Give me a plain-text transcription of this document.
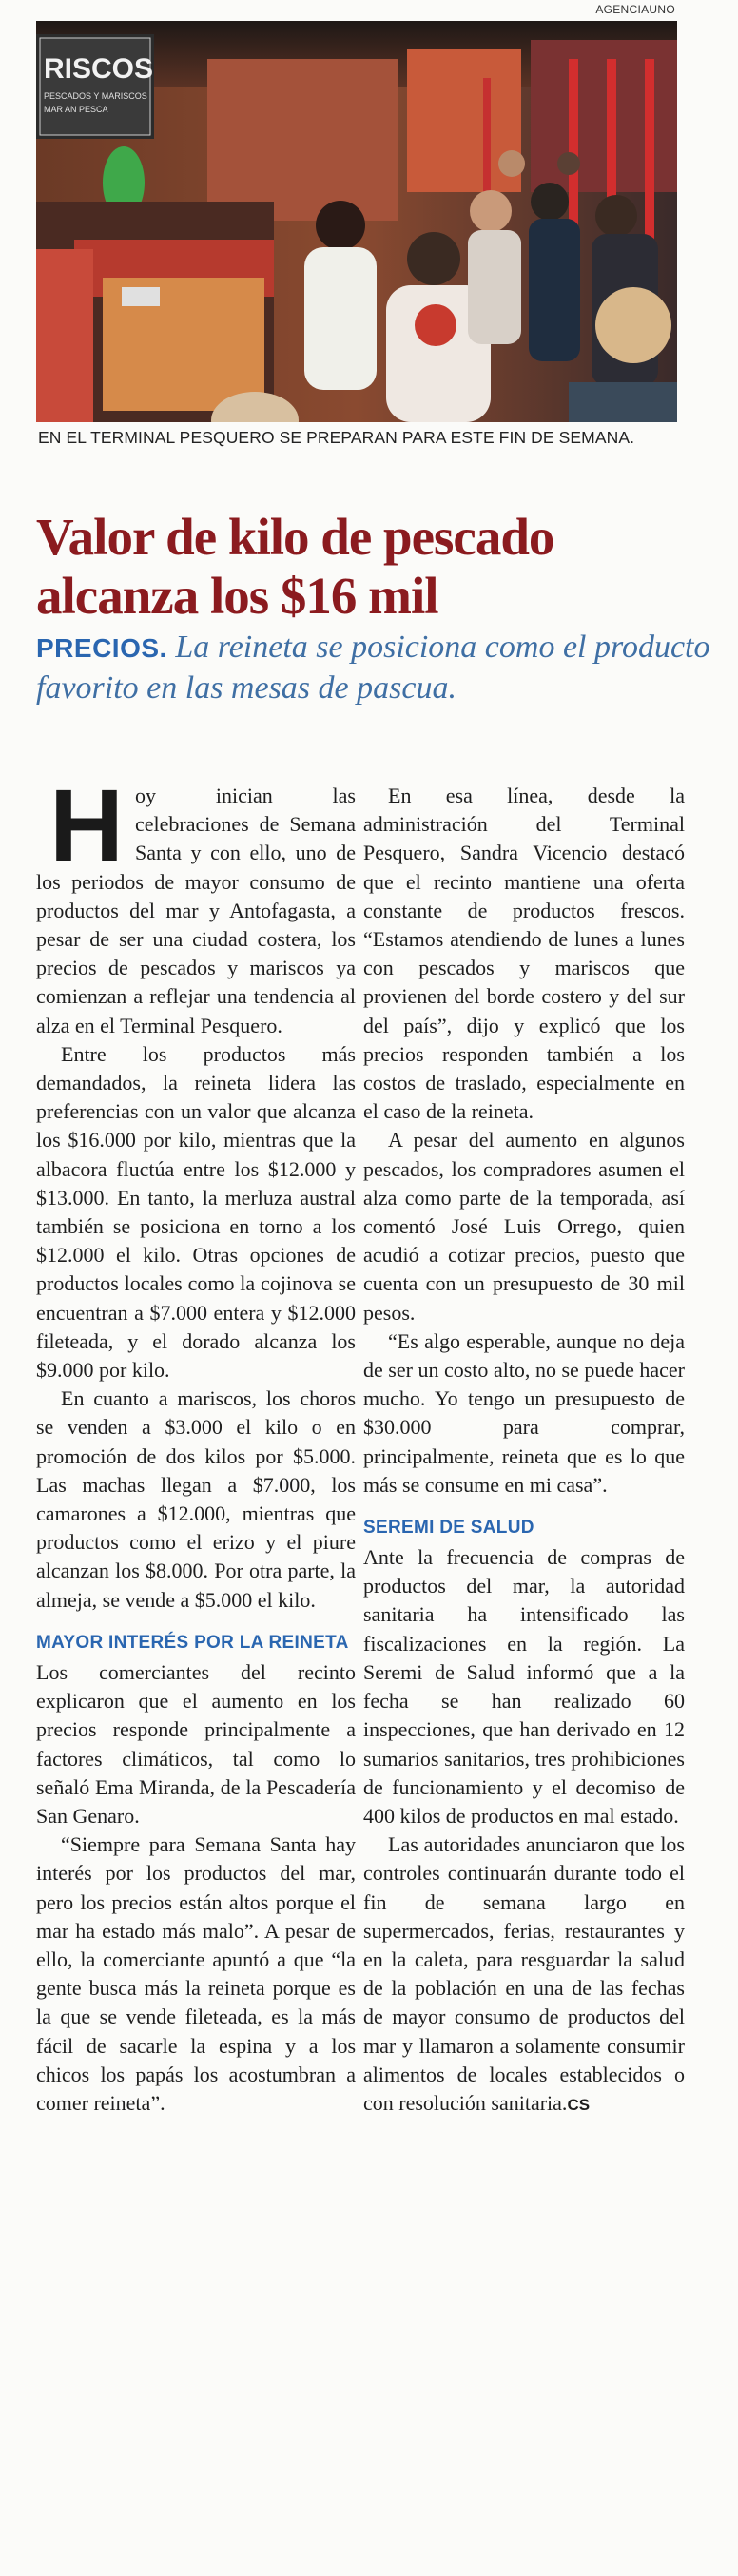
AGENCIAUNO
RISCOS
PESCADOS Y MARISCOS
MAR AN PESCA
EN EL TERMINAL PESQUERO SE PREPARAN PARA ESTE FIN DE SEMANA.
Valor de kilo de pescado alcanza los $16 mil
PRECIOS. La reineta se posiciona como el producto favorito en las mesas de pascua.

Hoy inician las celebraciones de Semana Santa y con ello, uno de los periodos de mayor consumo de productos del mar y Antofagasta, a pesar de ser una ciudad costera, los precios de pescados y mariscos ya comienzan a reflejar una tendencia al alza en el Terminal Pesquero.

Entre los productos más demandados, la reineta lidera las preferencias con un valor que alcanza los $16.000 por kilo, mientras que la albacora fluctúa entre los $12.000 y $13.000. En tanto, la merluza austral también se posiciona en torno a los $12.000 el kilo. Otras opciones de productos locales como la cojinova se encuentran a $7.000 entera y $12.000 fileteada, y el dorado alcanza los $9.000 por kilo.

En cuanto a mariscos, los choros se venden a $3.000 el kilo o en promoción de dos kilos por $5.000. Las machas llegan a $7.000, los camarones a $12.000, mientras que productos como el erizo y el piure alcanzan los $8.000. Por otra parte, la almeja, se vende a $5.000 el kilo.

MAYOR INTERÉS POR LA REINETA

Los comerciantes del recinto explicaron que el aumento en los precios responde principalmente a factores climáticos, tal como lo señaló Ema Miranda, de la Pescadería San Genaro.

“Siempre para Semana Santa hay interés por los productos del mar, pero los precios están altos porque el mar ha estado más malo”. A pesar de ello, la comerciante apuntó a que “la gente busca más la reineta porque es la que se vende fileteada, es la más fácil de sacarle la espina y a los chicos los papás los acostumbran a comer reineta”.

En esa línea, desde la administración del Terminal Pesquero, Sandra Vicencio destacó que el recinto mantiene una oferta constante de productos frescos. “Estamos atendiendo de lunes a lunes con pescados y mariscos que provienen del borde costero y del sur del país”, dijo y explicó que los precios responden también a los costos de traslado, especialmente en el caso de la reineta.

A pesar del aumento en algunos pescados, los compradores asumen el alza como parte de la temporada, así comentó José Luis Orrego, quien acudió a cotizar precios, puesto que cuenta con un presupuesto de 30 mil pesos.

“Es algo esperable, aunque no deja de ser un costo alto, no se puede hacer mucho. Yo tengo un presupuesto de $30.000 para comprar, principalmente, reineta que es lo que más se consume en mi casa”.

SEREMI DE SALUD

Ante la frecuencia de compras de productos del mar, la autoridad sanitaria ha intensificado las fiscalizaciones en la región. La Seremi de Salud informó que a la fecha se han realizado 60 inspecciones, que han derivado en 12 sumarios sanitarios, tres prohibiciones de funcionamiento y el decomiso de 400 kilos de productos en mal estado.

Las autoridades anunciaron que los controles continuarán durante todo el fin de semana largo en supermercados, ferias, restaurantes y en la caleta, para resguardar la salud de la población en una de las fechas de mayor consumo de productos del mar y llamaron a solamente consumir alimentos de locales establecidos o con resolución sanitaria.CS
